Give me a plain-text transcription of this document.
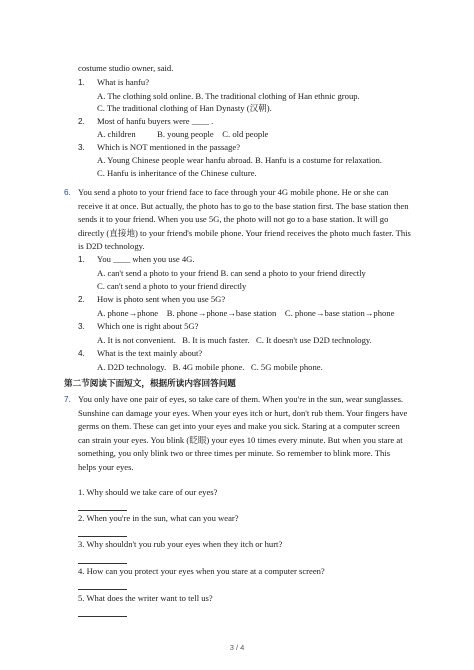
costume studio owner, said.
1. What is hanfu?
A. The clothing sold online. B. The traditional clothing of Han ethnic group.
C. The traditional clothing of Han Dynasty (汉朝).
2. Most of hanfu buyers were ____ .
A. children          B. young people    C. old people
3. Which is NOT mentioned in the passage?
A. Young Chinese people wear hanfu abroad. B. Hanfu is a costume for relaxation.
C. Hanfu is inheritance of the Chinese culture.
6. You send a photo to your friend face to face through your 4G mobile phone. He or she can
receive it at once. But actually, the photo has to go to the base station first. The base station then
sends it to your friend. When you use 5G, the photo will not go to a base station. It will go
directly (直接地) to your friend's mobile phone. Your friend receives the photo much faster. This
is D2D technology.
1. You ____ when you use 4G.
A. can't send a photo to your friend B. can send a photo to your friend directly
C. can't send a photo to your friend directly
2. How is photo sent when you use 5G?
A. phone→phone    B. phone→phone→base station    C. phone→base station→phone
3. Which one is right about 5G?
A. It is not convenient.   B. It is much faster.   C. It doesn't use D2D technology.
4. What is the text mainly about?
A. D2D technology.   B. 4G mobile phone.   C. 5G mobile phone.
第二节阅读下面短文，根据所读内容回答问题
7. You only have one pair of eyes, so take care of them. When you're in the sun, wear sunglasses.
Sunshine can damage your eyes. When your eyes itch or hurt, don't rub them. Your fingers have
germs on them. These can get into your eyes and make you sick. Staring at a computer screen
can strain your eyes. You blink (眨眼) your eyes 10 times every minute. But when you stare at
something, you only blink two or three times per minute. So remember to blink more. This
helps your eyes.
1. Why should we take care of our eyes?
2. When you're in the sun, what can you wear?
3. Why shouldn't you rub your eyes when they itch or hurt?
4. How can you protect your eyes when you stare at a computer screen?
5. What does the writer want to tell us?
3 / 4
